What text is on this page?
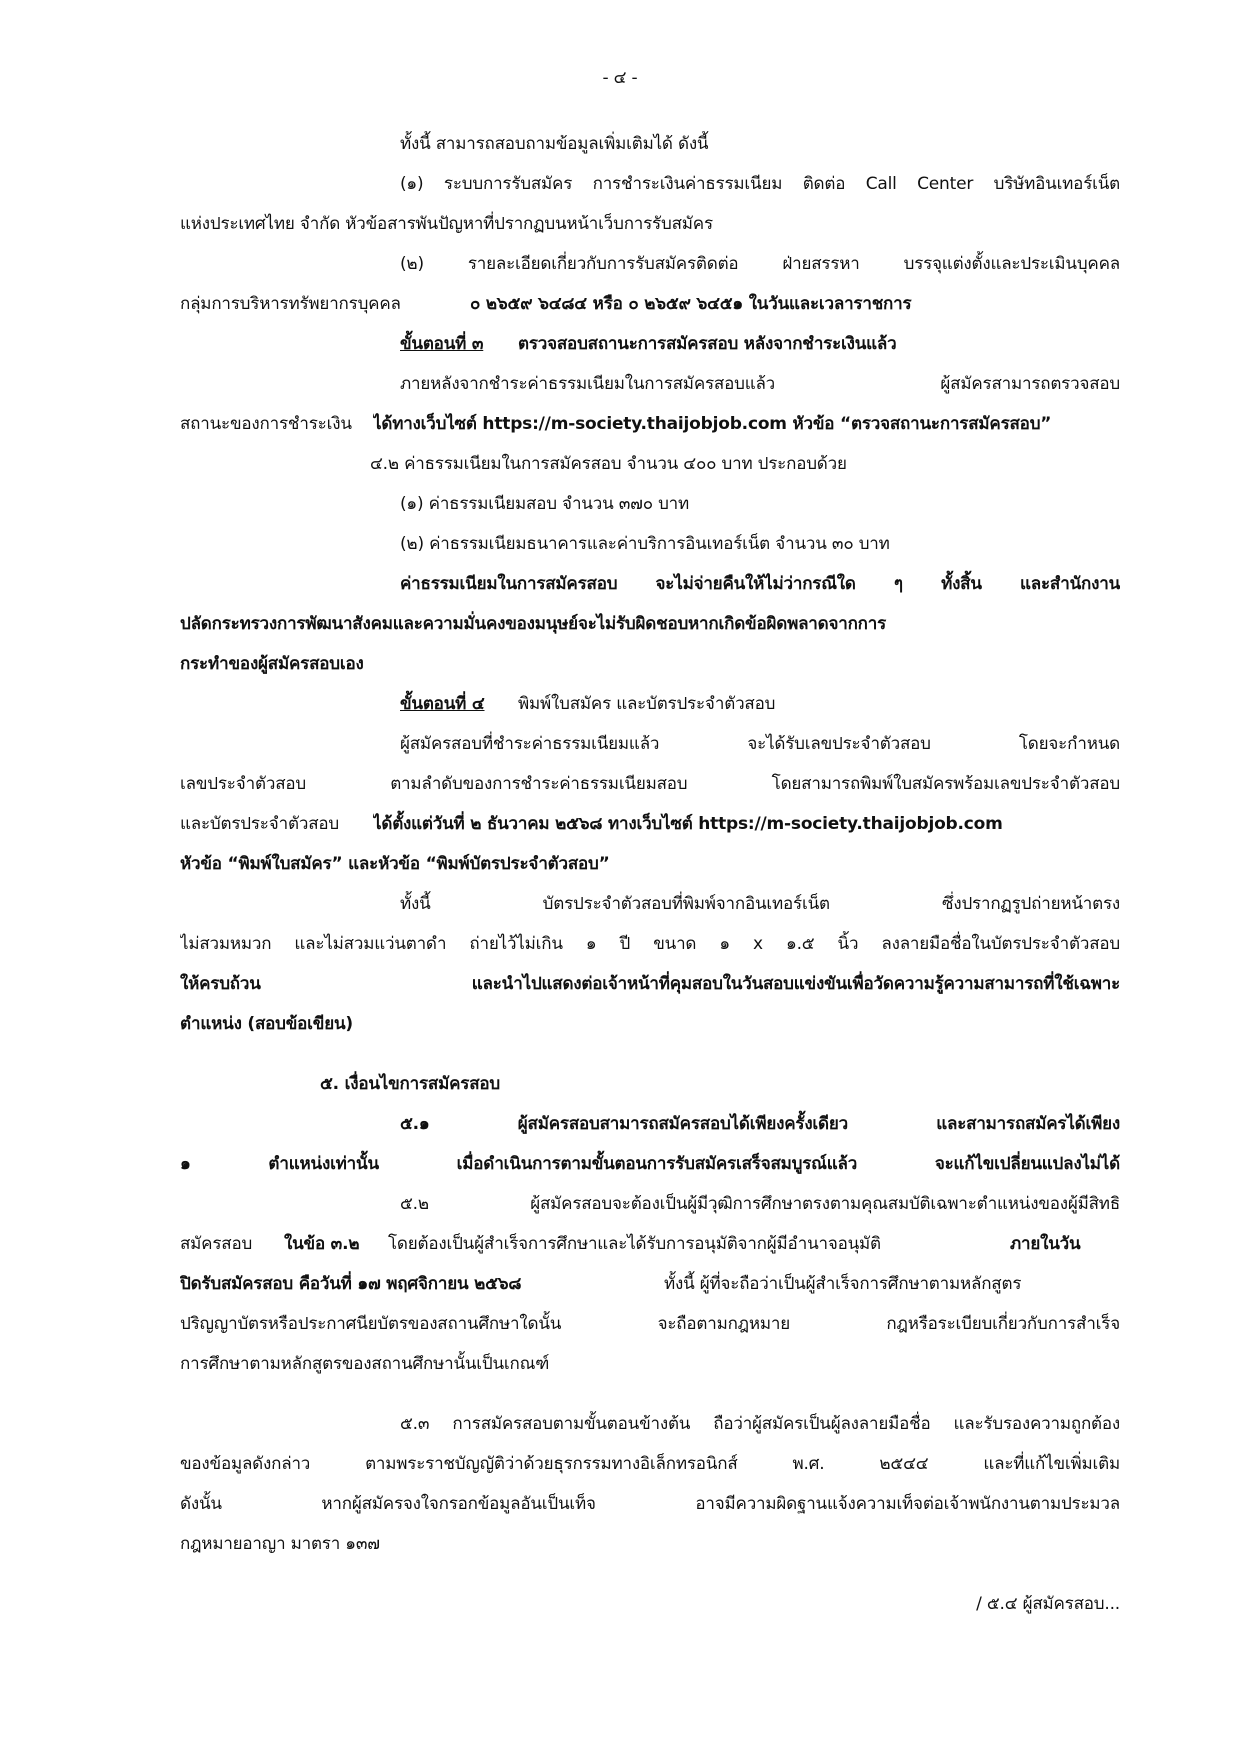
- ๔ -
ทั้งนี้ สามารถสอบถามข้อมูลเพิ่มเติมได้ ดังนี้
(๑) ระบบการรับสมัคร การชำระเงินค่าธรรมเนียม ติดต่อ Call Center บริษัทอินเทอร์เน็ต
แห่งประเทศไทย จำกัด หัวข้อสารพันปัญหาที่ปรากฏบนหน้าเว็บการรับสมัคร
(๒) รายละเอียดเกี่ยวกับการรับสมัครติดต่อ ฝ่ายสรรหา บรรจุแต่งตั้งและประเมินบุคคล
กลุ่มการบริหารทรัพยากรบุคคล	๐ ๒๖๕๙ ๖๔๘๔ หรือ ๐ ๒๖๕๙ ๖๔๕๑ ในวันและเวลาราชการ
ขั้นตอนที่ ๓	ตรวจสอบสถานะการสมัครสอบ หลังจากชำระเงินแล้ว
ภายหลังจากชำระค่าธรรมเนียมในการสมัครสอบแล้ว ผู้สมัครสามารถตรวจสอบ
สถานะของการชำระเงิน	ได้ทางเว็บไซต์ https://m-society.thaijobjob.com หัวข้อ “ตรวจสถานะการสมัครสอบ”
๔.๒ ค่าธรรมเนียมในการสมัครสอบ จำนวน ๔๐๐ บาท ประกอบด้วย
(๑) ค่าธรรมเนียมสอบ จำนวน ๓๗๐ บาท
(๒) ค่าธรรมเนียมธนาคารและค่าบริการอินเทอร์เน็ต จำนวน ๓๐ บาท
ค่าธรรมเนียมในการสมัครสอบ จะไม่จ่ายคืนให้ไม่ว่ากรณีใด ๆ ทั้งสิ้น และสำนักงาน
ปลัดกระทรวงการพัฒนาสังคมและความมั่นคงของมนุษย์จะไม่รับผิดชอบหากเกิดข้อผิดพลาดจากการ
กระทำของผู้สมัครสอบเอง
ขั้นตอนที่ ๔	พิมพ์ใบสมัคร และบัตรประจำตัวสอบ
ผู้สมัครสอบที่ชำระค่าธรรมเนียมแล้ว จะได้รับเลขประจำตัวสอบ โดยจะกำหนด
เลขประจำตัวสอบ ตามลำดับของการชำระค่าธรรมเนียมสอบ โดยสามารถพิมพ์ใบสมัครพร้อมเลขประจำตัวสอบ
และบัตรประจำตัวสอบ	ได้ตั้งแต่วันที่ ๒ ธันวาคม ๒๕๖๘ ทางเว็บไซต์ https://m-society.thaijobjob.com
หัวข้อ “พิมพ์ใบสมัคร” และหัวข้อ “พิมพ์บัตรประจำตัวสอบ”
ทั้งนี้ บัตรประจำตัวสอบที่พิมพ์จากอินเทอร์เน็ต ซึ่งปรากฏรูปถ่ายหน้าตรง
ไม่สวมหมวก และไม่สวมแว่นตาดำ ถ่ายไว้ไม่เกิน ๑ ปี ขนาด ๑ x ๑.๕ นิ้ว ลงลายมือชื่อในบัตรประจำตัวสอบ
ให้ครบถ้วน และนำไปแสดงต่อเจ้าหน้าที่คุมสอบในวันสอบแข่งขันเพื่อวัดความรู้ความสามารถที่ใช้เฉพาะ
ตำแหน่ง (สอบข้อเขียน)
๕. เงื่อนไขการสมัครสอบ
๕.๑ ผู้สมัครสอบสามารถสมัครสอบได้เพียงครั้งเดียว และสามารถสมัครได้เพียง
๑ ตำแหน่งเท่านั้น เมื่อดำเนินการตามขั้นตอนการรับสมัครเสร็จสมบูรณ์แล้ว จะแก้ไขเปลี่ยนแปลงไม่ได้
๕.๒ ผู้สมัครสอบจะต้องเป็นผู้มีวุฒิการศึกษาตรงตามคุณสมบัติเฉพาะตำแหน่งของผู้มีสิทธิ
สมัครสอบ	ในข้อ ๓.๒	โดยต้องเป็นผู้สำเร็จการศึกษาและได้รับการอนุมัติจากผู้มีอำนาจอนุมัติ	ภายในวัน
ปิดรับสมัครสอบ คือวันที่ ๑๗ พฤศจิกายน ๒๕๖๘	ทั้งนี้ ผู้ที่จะถือว่าเป็นผู้สำเร็จการศึกษาตามหลักสูตร
ปริญญาบัตรหรือประกาศนียบัตรของสถานศึกษาใดนั้น จะถือตามกฎหมาย กฎหรือระเบียบเกี่ยวกับการสำเร็จ
การศึกษาตามหลักสูตรของสถานศึกษานั้นเป็นเกณฑ์
๕.๓ การสมัครสอบตามขั้นตอนข้างต้น ถือว่าผู้สมัครเป็นผู้ลงลายมือชื่อ และรับรองความถูกต้อง
ของข้อมูลดังกล่าว ตามพระราชบัญญัติว่าด้วยธุรกรรมทางอิเล็กทรอนิกส์ พ.ศ. ๒๕๔๔ และที่แก้ไขเพิ่มเติม
ดังนั้น หากผู้สมัครจงใจกรอกข้อมูลอันเป็นเท็จ อาจมีความผิดฐานแจ้งความเท็จต่อเจ้าพนักงานตามประมวล
กฎหมายอาญา มาตรา ๑๓๗
/ ๕.๔ ผู้สมัครสอบ...
